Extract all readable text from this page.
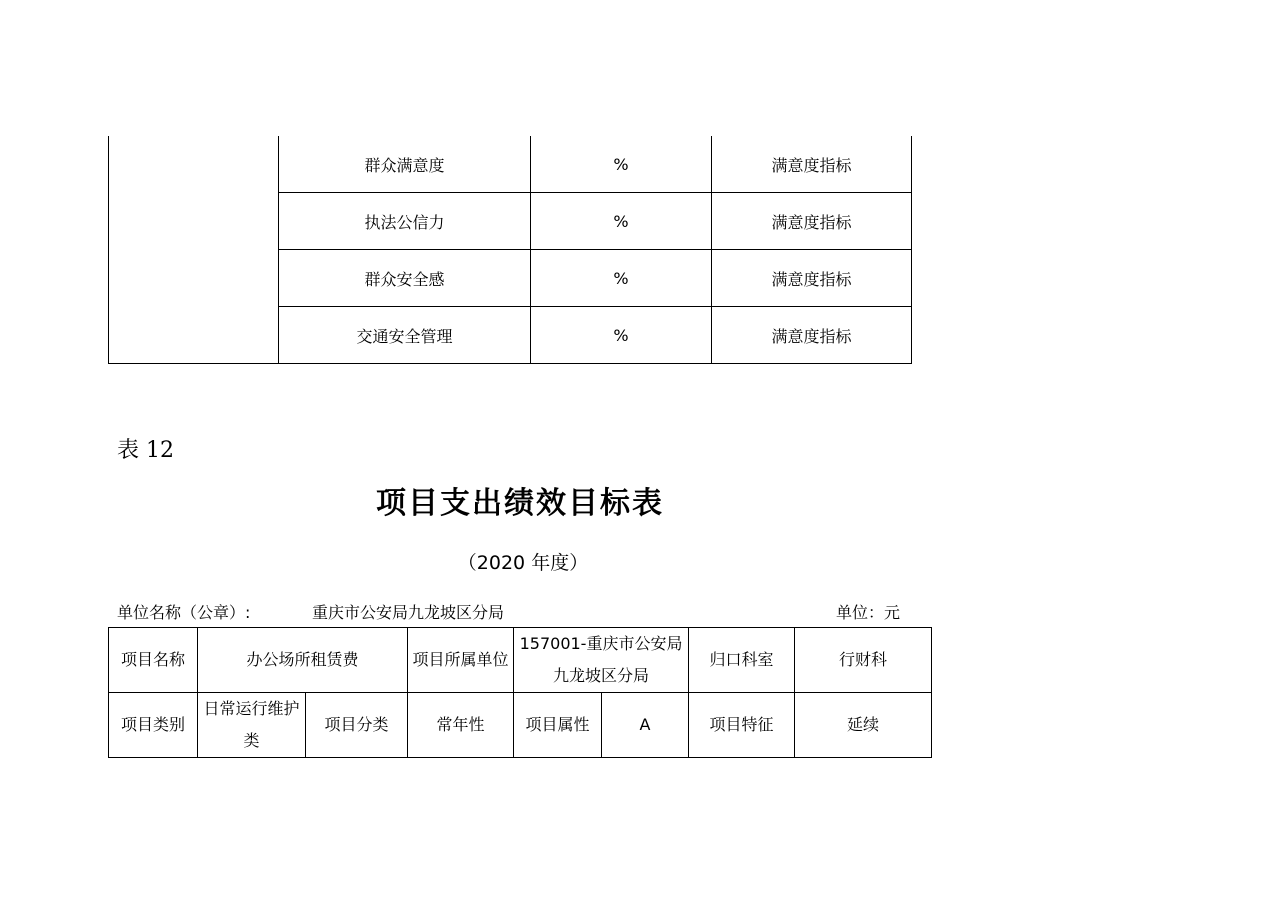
	群众满意度	%	满意度指标
	执法公信力	%	满意度指标
	群众安全感	%	满意度指标
	交通安全管理	%	满意度指标
表 12
项目支出绩效目标表
（2020 年度）
单位名称（公章）:	重庆市公安局九龙坡区分局	单位：元
项目名称	办公场所租赁费		项目所属单位	157001-重庆市公安局九龙坡区分局		归口科室	行财科
项目类别	日常运行维护类	项目分类	常年性	项目属性	A	项目特征	延续
